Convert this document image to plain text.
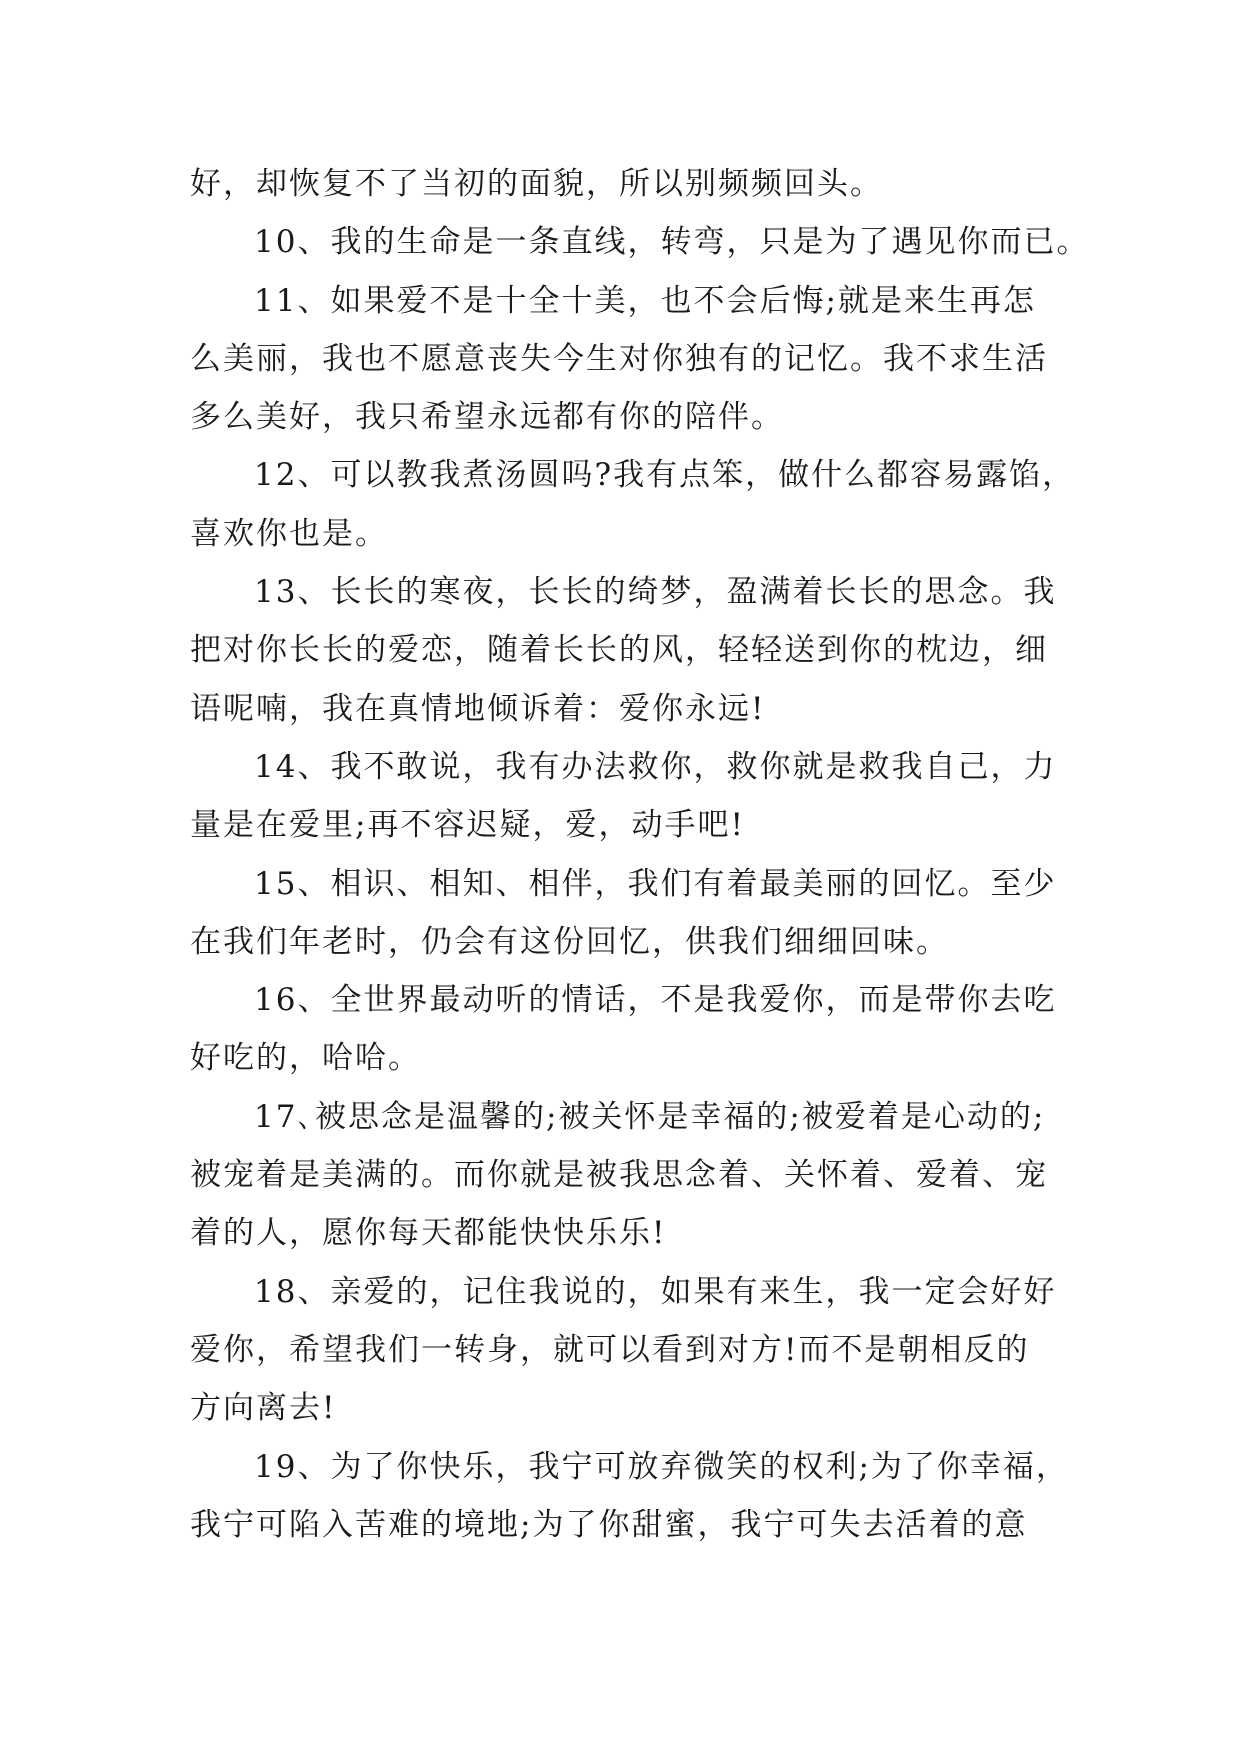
好，却恢复不了当初的面貌，所以别频频回头。
10、我的生命是一条直线，转弯，只是为了遇见你而已。
11、如果爱不是十全十美，也不会后悔;就是来生再怎
么美丽，我也不愿意丧失今生对你独有的记忆。我不求生活
多么美好，我只希望永远都有你的陪伴。
12、可以教我煮汤圆吗?我有点笨，做什么都容易露馅，
喜欢你也是。
13、长长的寒夜，长长的绮梦，盈满着长长的思念。我
把对你长长的爱恋，随着长长的风，轻轻送到你的枕边，细
语呢喃，我在真情地倾诉着：爱你永远!
14、我不敢说，我有办法救你，救你就是救我自己，力
量是在爱里;再不容迟疑，爱，动手吧!
15、相识、相知、相伴，我们有着最美丽的回忆。至少
在我们年老时，仍会有这份回忆，供我们细细回味。
16、全世界最动听的情话，不是我爱你，而是带你去吃
好吃的，哈哈。
17､被思念是温馨的;被关怀是幸福的;被爱着是心动的;
被宠着是美满的。而你就是被我思念着、关怀着、爱着、宠
着的人，愿你每天都能快快乐乐!
18、亲爱的，记住我说的，如果有来生，我一定会好好
爱你，希望我们一转身，就可以看到对方!而不是朝相反的
方向离去!
19、为了你快乐，我宁可放弃微笑的权利;为了你幸福，
我宁可陷入苦难的境地;为了你甜蜜，我宁可失去活着的意
